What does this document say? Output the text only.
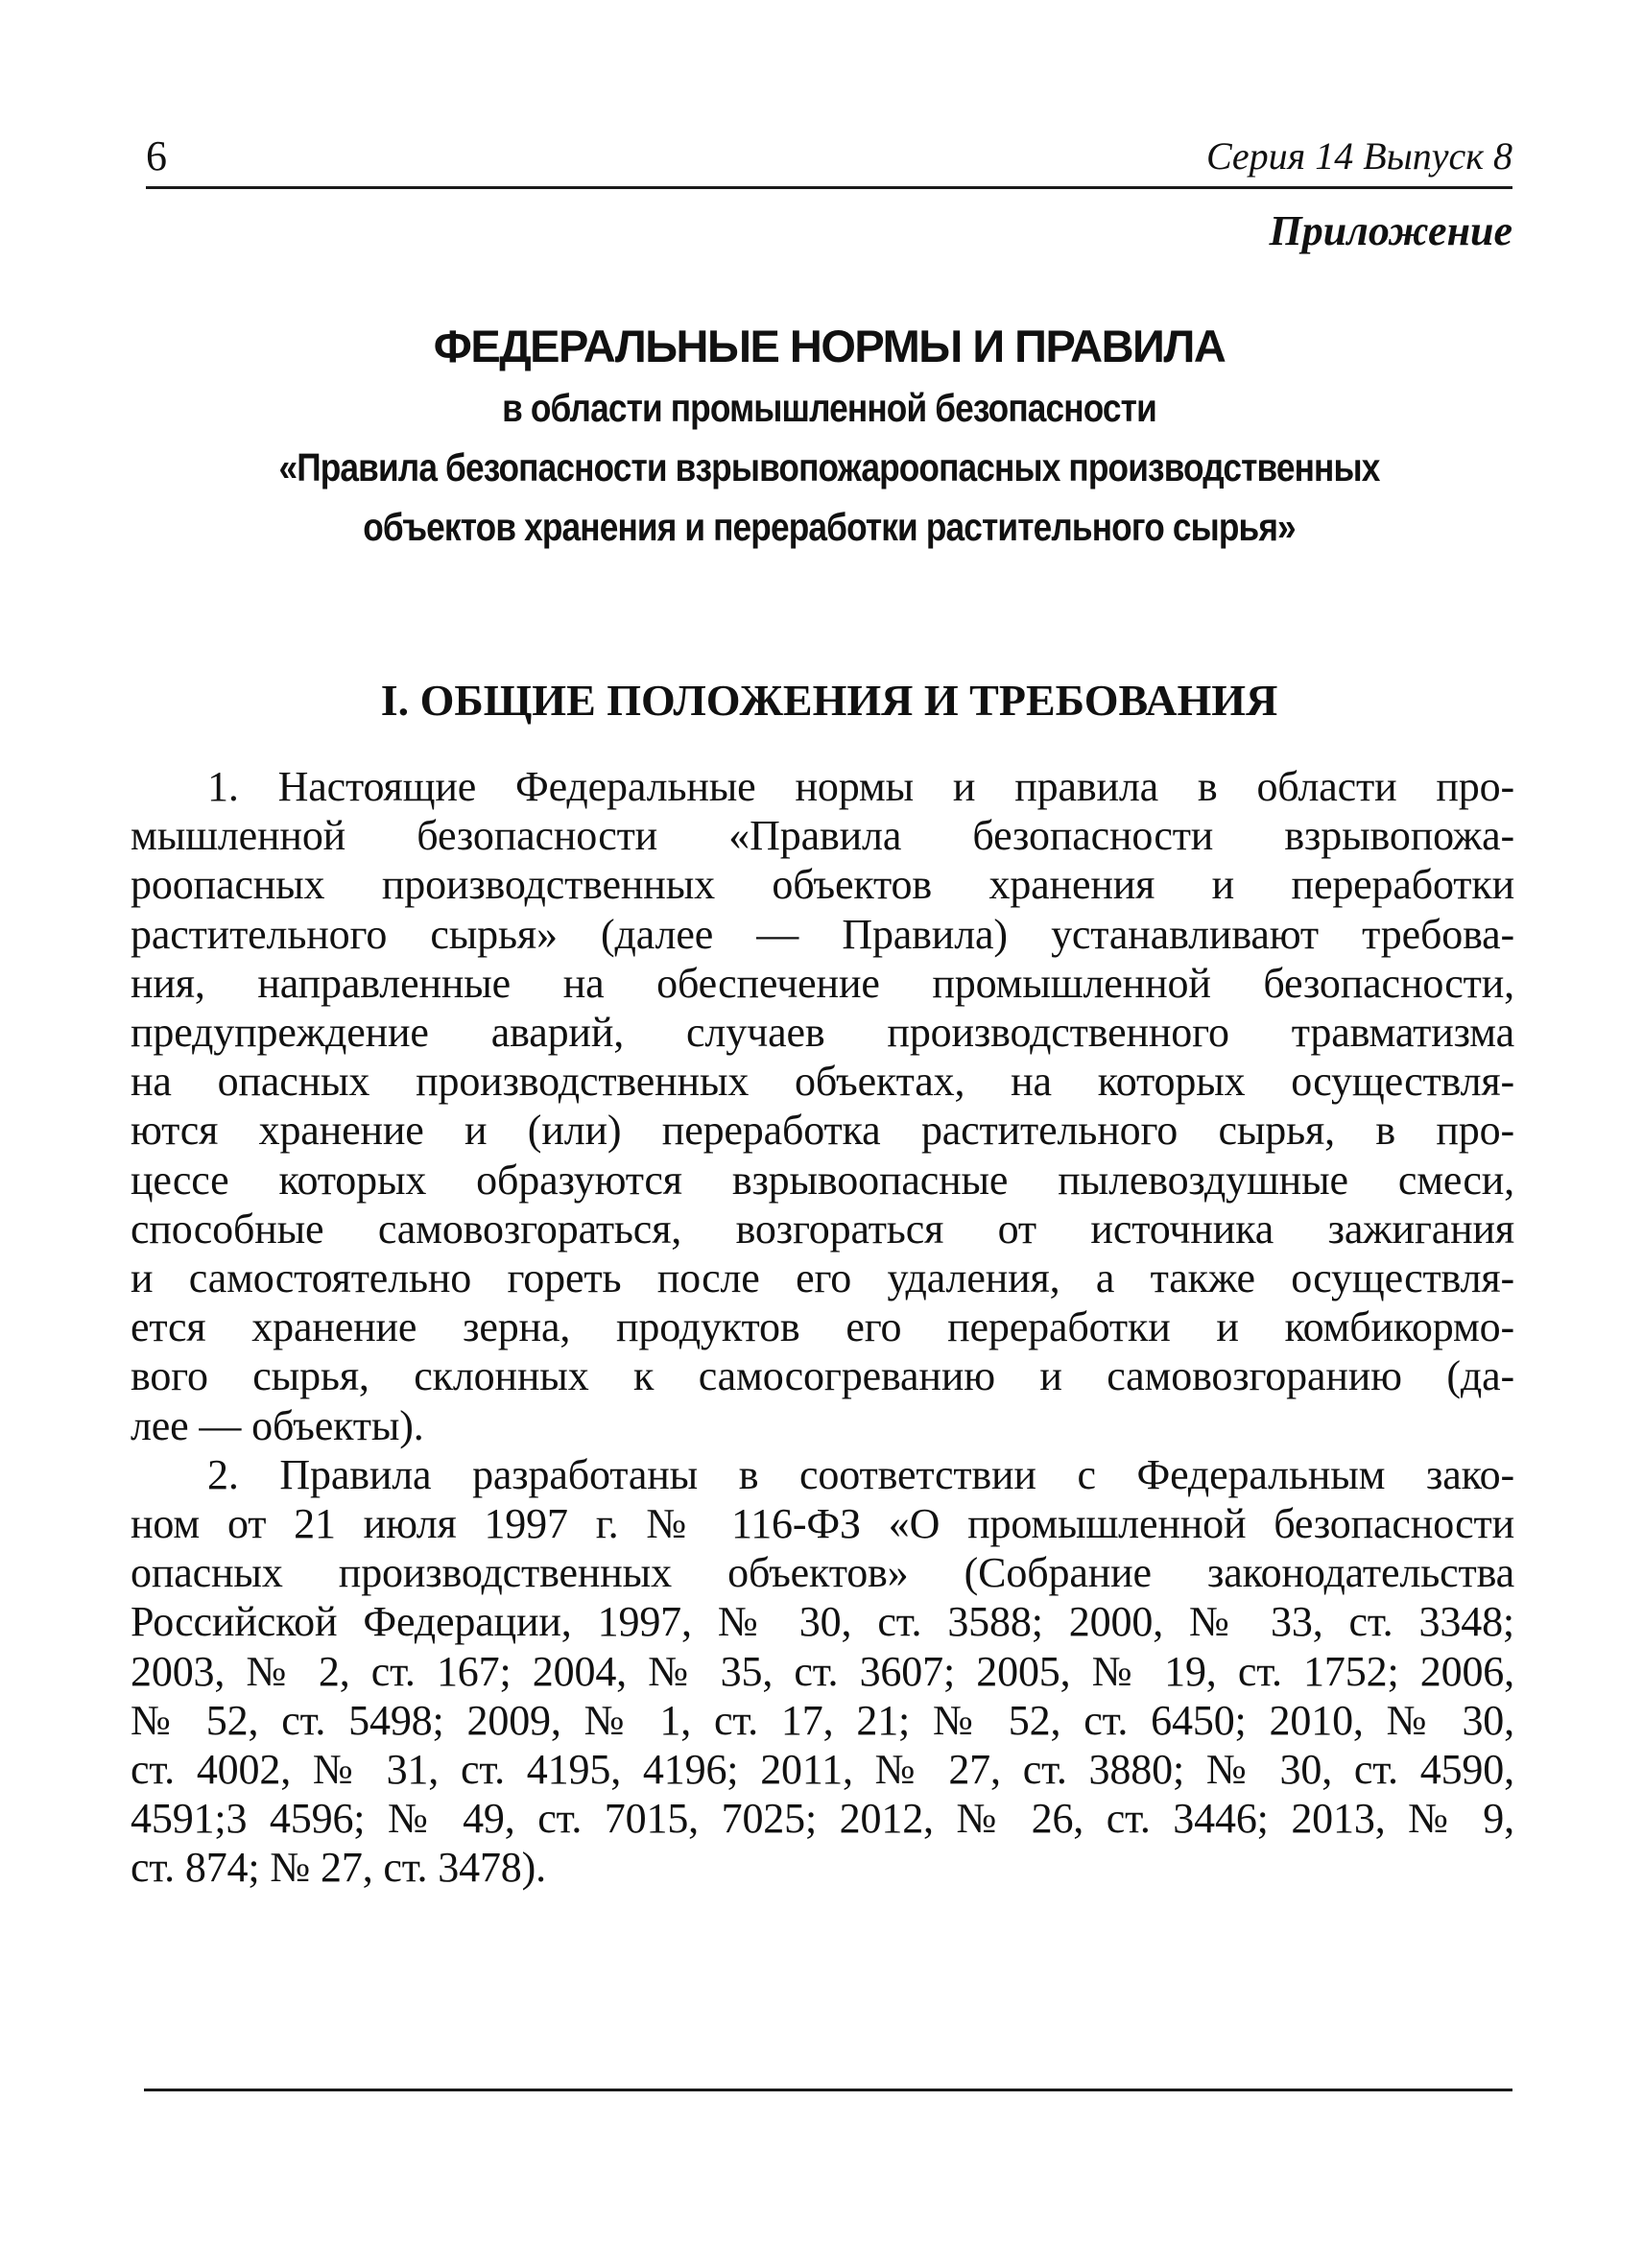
6	Серия 14 Выпуск 8
Приложение
ФЕДЕРАЛЬНЫЕ НОРМЫ И ПРАВИЛА
в области промышленной безопасности
«Правила безопасности взрывопожароопасных производственных
объектов хранения и переработки растительного сырья»
I. ОБЩИЕ ПОЛОЖЕНИЯ И ТРЕБОВАНИЯ
1. Настоящие Федеральные нормы и правила в области про-
мышленной безопасности «Правила безопасности взрывопожа-
роопасных производственных объектов хранения и переработки
растительного сырья» (далее — Правила) устанавливают требова-
ния, направленные на обеспечение промышленной безопасности,
предупреждение аварий, случаев производственного травматизма
на опасных производственных объектах, на которых осуществля-
ются хранение и (или) переработка растительного сырья, в про-
цессе которых образуются взрывоопасные пылевоздушные смеси,
способные самовозгораться, возгораться от источника зажигания
и самостоятельно гореть после его удаления, а также осуществля-
ется хранение зерна, продуктов его переработки и комбикормо-
вого сырья, склонных к самосогреванию и самовозгоранию (да-
лее — объекты).
2. Правила разработаны в соответствии с Федеральным зако-
ном от 21 июля 1997 г. № 116-ФЗ «О промышленной безопасности
опасных производственных объектов» (Собрание законодательства
Российской Федерации, 1997, № 30, ст. 3588; 2000, № 33, ст. 3348;
2003, № 2, ст. 167; 2004, № 35, ст. 3607; 2005, № 19, ст. 1752; 2006,
№ 52, ст. 5498; 2009, № 1, ст. 17, 21; № 52, ст. 6450; 2010, № 30,
ст. 4002, № 31, ст. 4195, 4196; 2011, № 27, ст. 3880; № 30, ст. 4590,
4591;3 4596; № 49, ст. 7015, 7025; 2012, № 26, ст. 3446; 2013, № 9,
ст. 874; № 27, ст. 3478).
